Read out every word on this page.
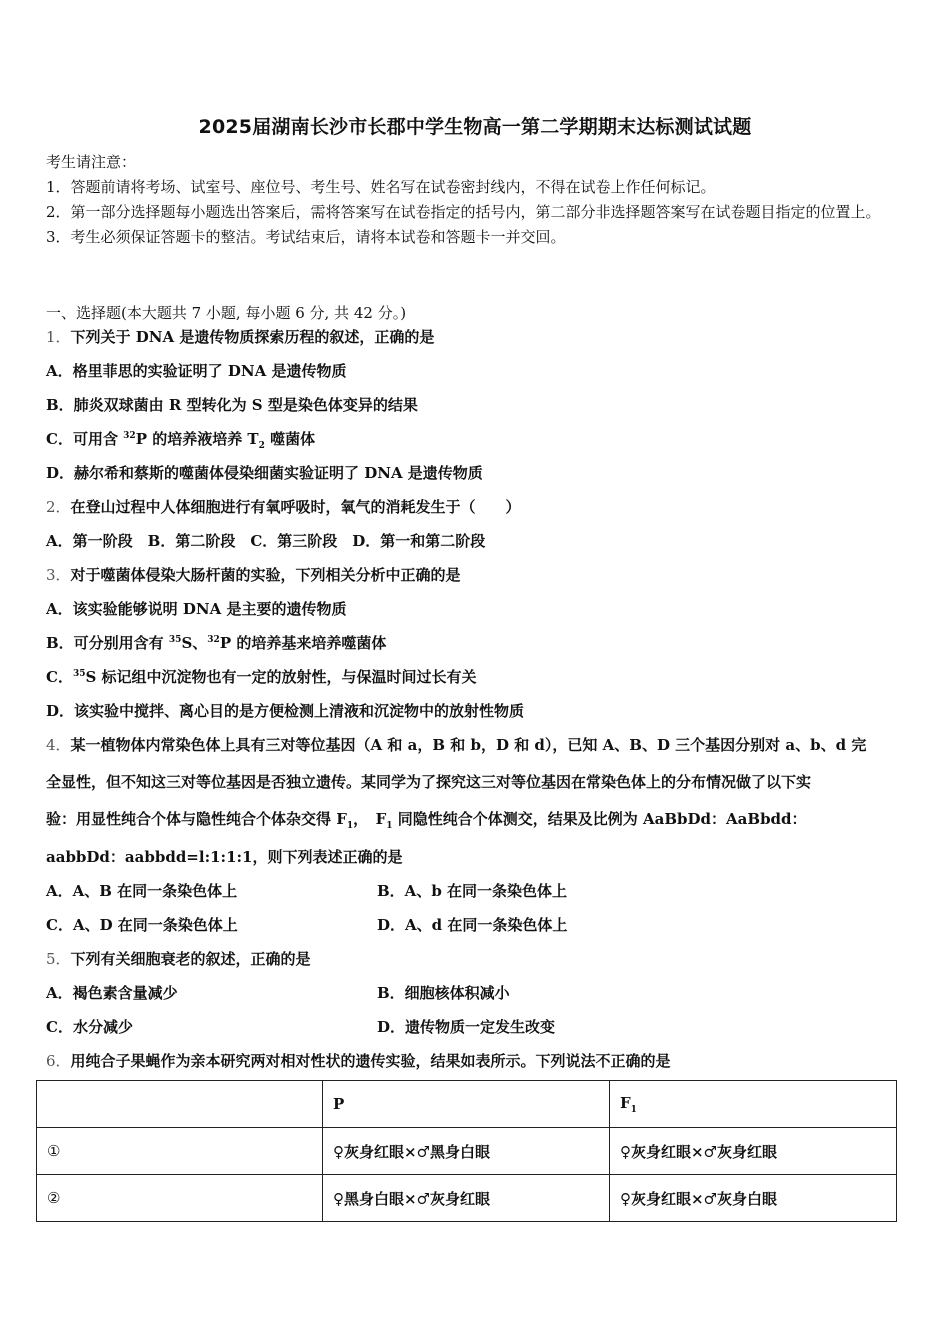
2025届湖南长沙市长郡中学生物高一第二学期期末达标测试试题
考生请注意：
1．答题前请将考场、试室号、座位号、考生号、姓名写在试卷密封线内，不得在试卷上作任何标记。
2．第一部分选择题每小题选出答案后，需将答案写在试卷指定的括号内，第二部分非选择题答案写在试卷题目指定的位置上。
3．考生必须保证答题卡的整洁。考试结束后，请将本试卷和答题卡一并交回。
一、选择题(本大题共 7 小题, 每小题 6 分, 共 42 分。)
1．下列关于 DNA 是遗传物质探索历程的叙述，正确的是
A．格里菲思的实验证明了 DNA 是遗传物质
B．肺炎双球菌由 R 型转化为 S 型是染色体变异的结果
C．可用含 $^{32}$P 的培养液培养 $T_2$ 噬菌体
D．赫尔希和蔡斯的噬菌体侵染细菌实验证明了 DNA 是遗传物质
2．在登山过程中人体细胞进行有氧呼吸时，氧气的消耗发生于（　　）
A．第一阶段　B．第二阶段　C．第三阶段　D．第一和第二阶段
3．对于噬菌体侵染大肠杆菌的实验，下列相关分析中正确的是
A．该实验能够说明 DNA 是主要的遗传物质
B．可分别用含有 $^{35}$S、$^{32}$P 的培养基来培养噬菌体
C．$^{35}$S 标记组中沉淀物也有一定的放射性，与保温时间过长有关
D．该实验中搅拌、离心目的是方便检测上清液和沉淀物中的放射性物质
4．某一植物体内常染色体上具有三对等位基因（A 和 a，B 和 b，D 和 d），已知 A、B、D 三个基因分别对 a、b、d 完
全显性，但不知这三对等位基因是否独立遗传。某同学为了探究这三对等位基因在常染色体上的分布情况做了以下实
验：用显性纯合个体与隐性纯合个体杂交得 $F_1$，　$F_1$ 同隐性纯合个体测交，结果及比例为 AaBbDd：AaBbdd：
aabbDd：aabbdd=l:1:1:1，则下列表述正确的是
A．A、B 在同一条染色体上	B．A、b 在同一条染色体上
C．A、D 在同一条染色体上	D．A、d 在同一条染色体上
5．下列有关细胞衰老的叙述，正确的是
A．褐色素含量减少	B．细胞核体积减小
C．水分减少	D．遗传物质一定发生改变
6．用纯合子果蝇作为亲本研究两对相对性状的遗传实验，结果如表所示。下列说法不正确的是
	P	$F_1$
①	♀灰身红眼×♂黑身白眼	♀灰身红眼×♂灰身红眼
②	♀黑身白眼×♂灰身红眼	♀灰身红眼×♂灰身白眼
